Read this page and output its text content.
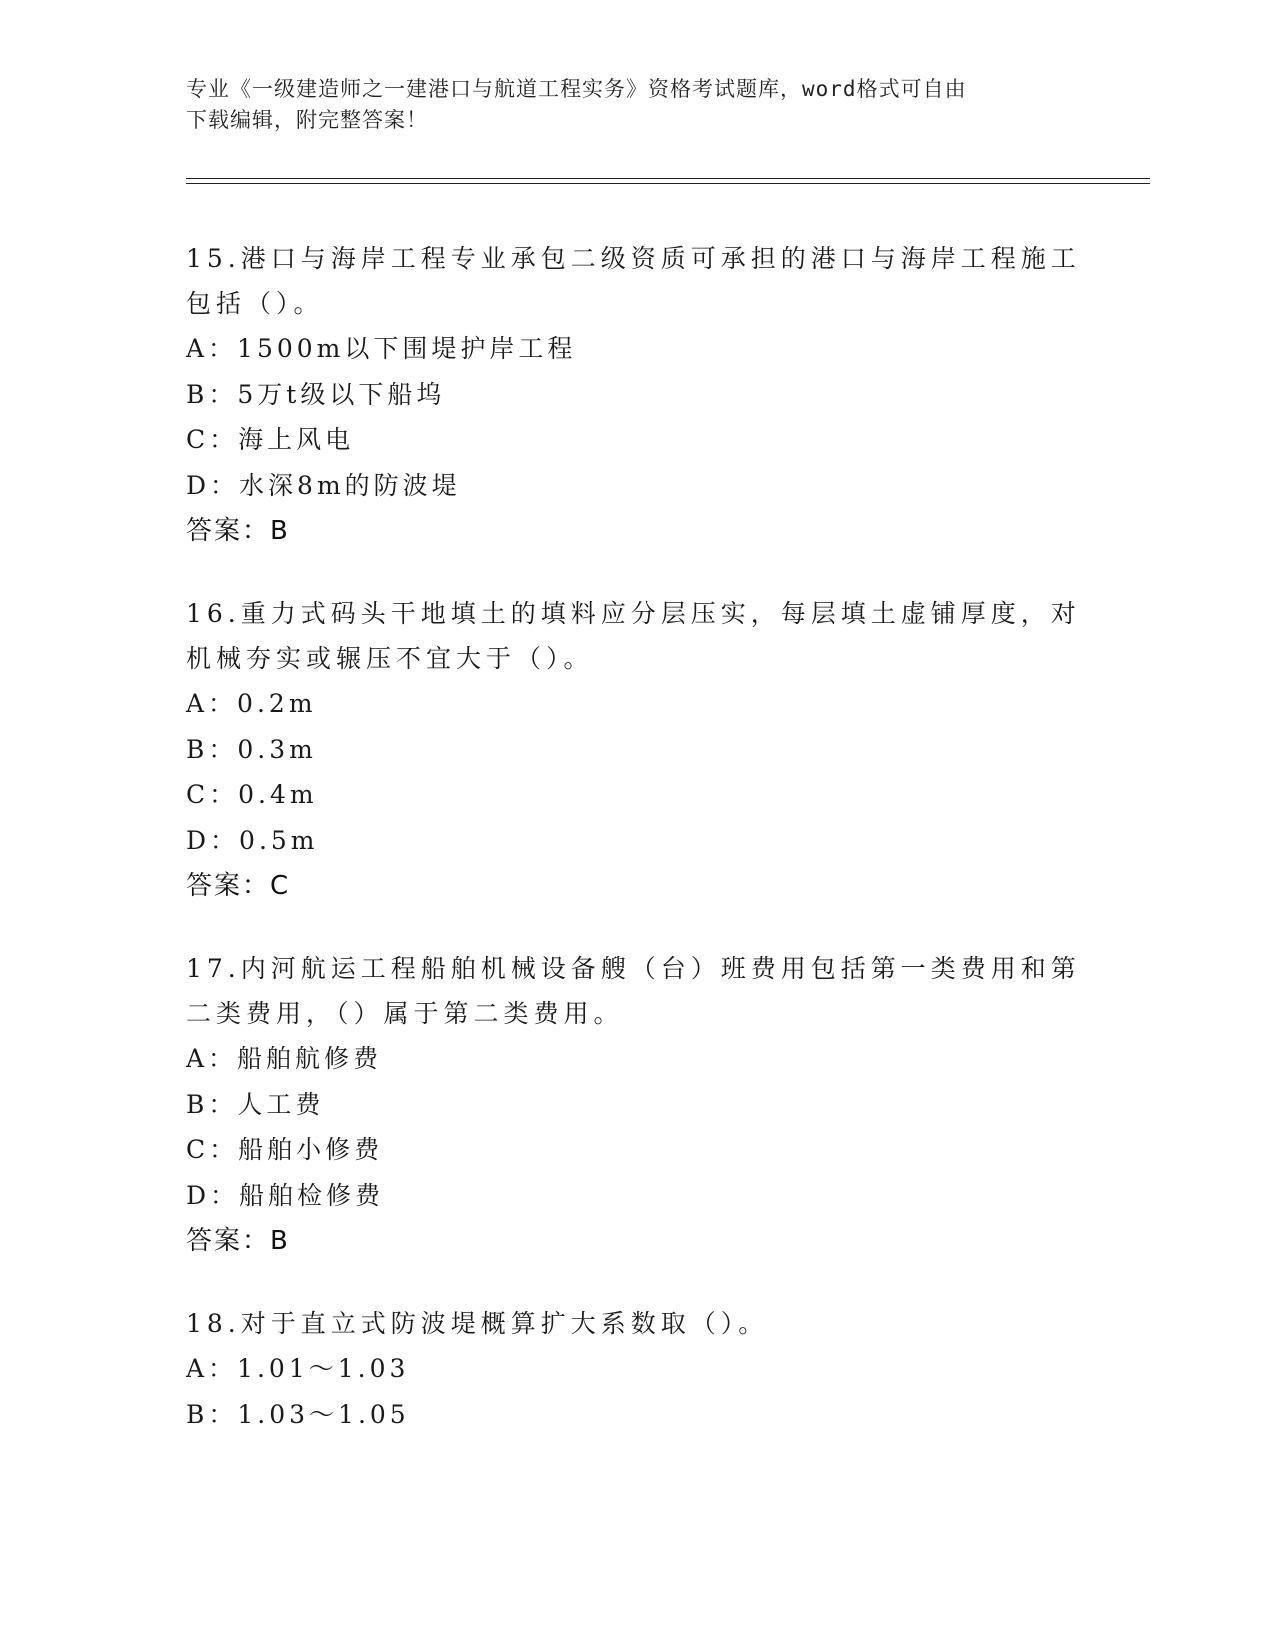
专业《一级建造师之一建港口与航道工程实务》资格考试题库，word格式可自由
下载编辑，附完整答案！

15.港口与海岸工程专业承包二级资质可承担的港口与海岸工程施工包括（）。

A：1500m以下围堤护岸工程

B：5万t级以下船坞

C：海上风电

D：水深8m的防波堤

答案：B

16.重力式码头干地填土的填料应分层压实，每层填土虚铺厚度，对机械夯实或辗压不宜大于（）。

A：0.2m

B：0.3m

C：0.4m

D：0.5m

答案：C

17.内河航运工程船舶机械设备艘（台）班费用包括第一类费用和第二类费用，（）属于第二类费用。

A：船舶航修费

B：人工费

C：船舶小修费

D：船舶检修费

答案：B

18.对于直立式防波堤概算扩大系数取（）。

A：1.01～1.03

B：1.03～1.05
